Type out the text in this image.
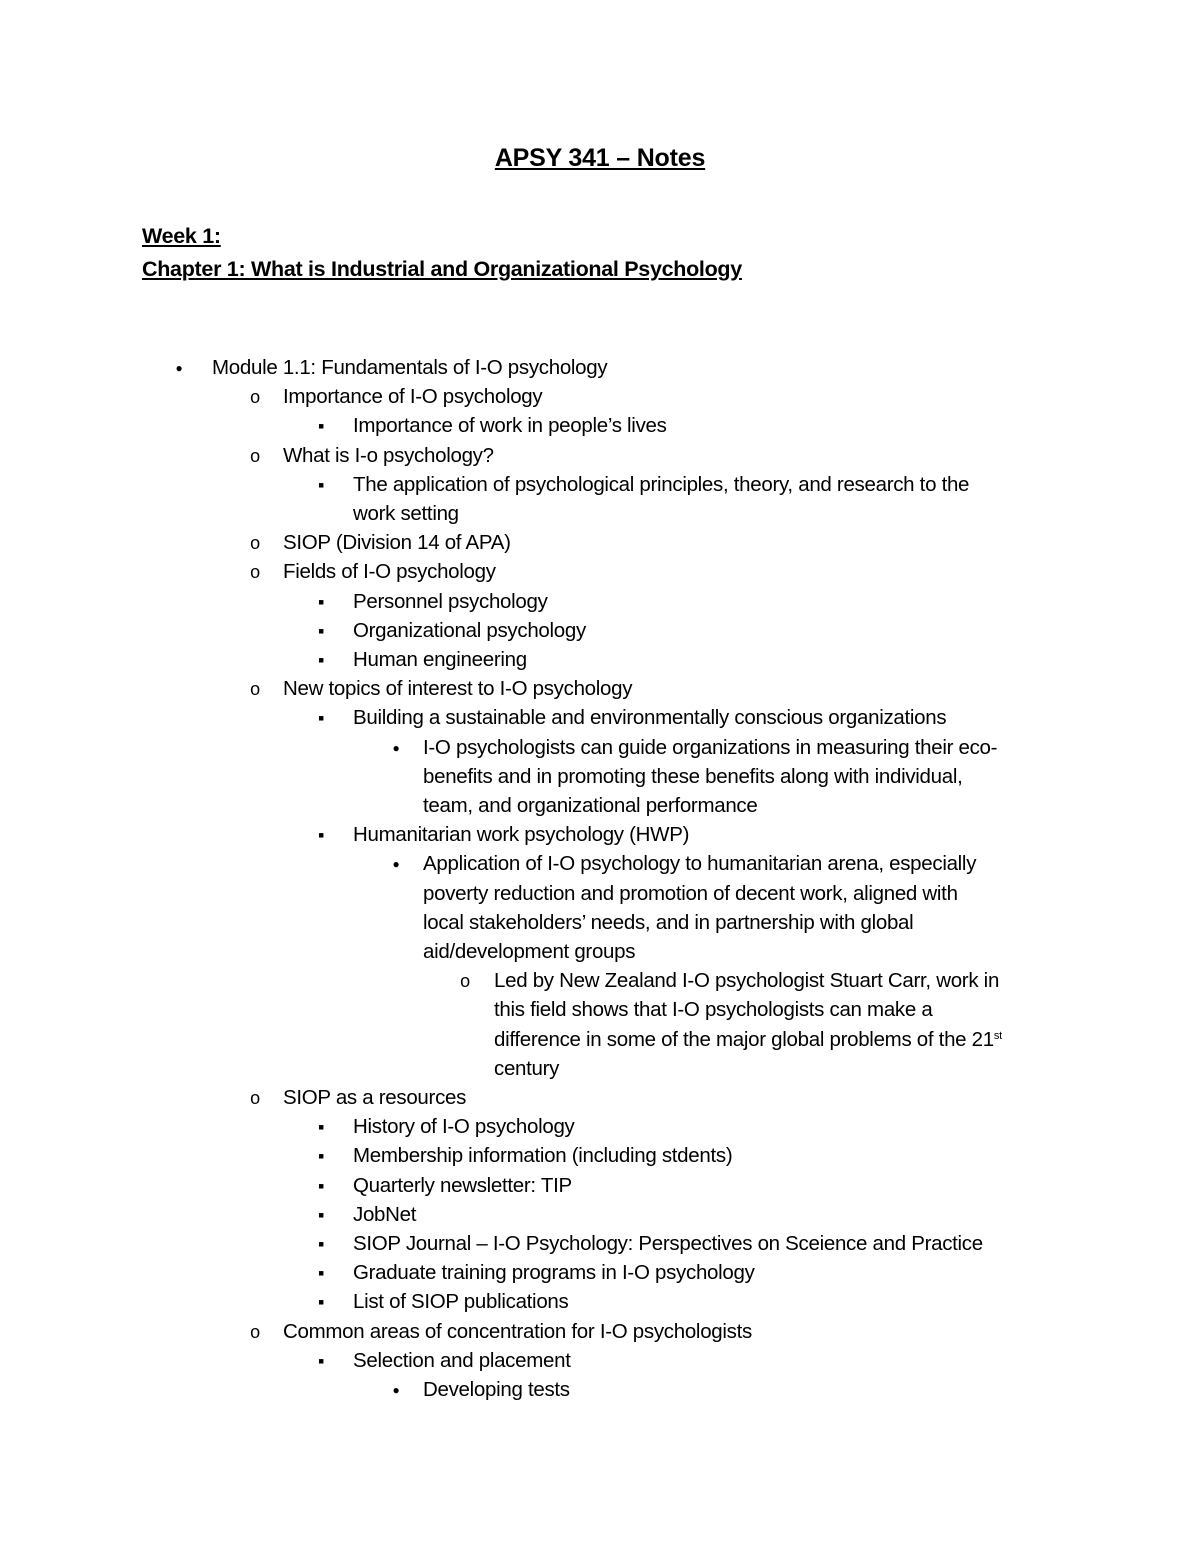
APSY 341 – Notes
Week 1:
Chapter 1: What is Industrial and Organizational Psychology
●
Module 1.1: Fundamentals of I-O psychology
o
Importance of I-O psychology
▪
Importance of work in people’s lives
o
What is I-o psychology?
▪
The application of psychological principles, theory, and research to the
work setting
o
SIOP (Division 14 of APA)
o
Fields of I-O psychology
▪
Personnel psychology
▪
Organizational psychology
▪
Human engineering
o
New topics of interest to I-O psychology
▪
Building a sustainable and environmentally conscious organizations
●
I-O psychologists can guide organizations in measuring their eco-
benefits and in promoting these benefits along with individual,
team, and organizational performance
▪
Humanitarian work psychology (HWP)
●
Application of I-O psychology to humanitarian arena, especially
poverty reduction and promotion of decent work, aligned with
local stakeholders’ needs, and in partnership with global
aid/development groups
o
Led by New Zealand I-O psychologist Stuart Carr, work in
this field shows that I-O psychologists can make a
difference in some of the major global problems of the 21st
century
o
SIOP as a resources
▪
History of I-O psychology
▪
Membership information (including stdents)
▪
Quarterly newsletter: TIP
▪
JobNet
▪
SIOP Journal – I-O Psychology: Perspectives on Sceience and Practice
▪
Graduate training programs in I-O psychology
▪
List of SIOP publications
o
Common areas of concentration for I-O psychologists
▪
Selection and placement
●
Developing tests
